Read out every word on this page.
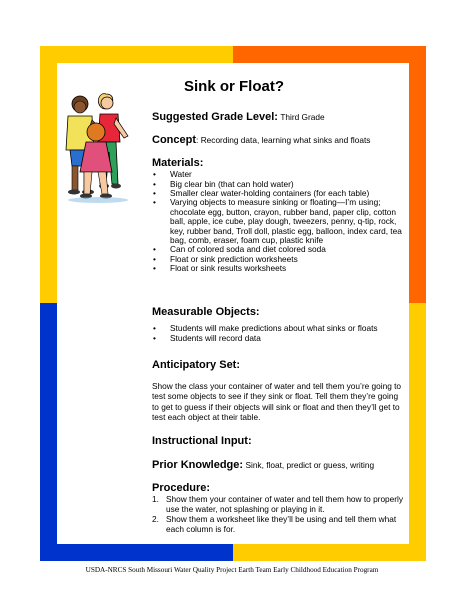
Sink or Float?
Suggested Grade Level: Third Grade
Concept: Recording data, learning what sinks and floats
Materials:
• Water
• Big clear bin (that can hold water)
• Smaller clear water-holding containers (for each table)
• Varying objects to measure sinking or floating—I’m using; chocolate egg, button, crayon, rubber band, paper clip, cotton ball, apple, ice cube, play dough, tweezers, penny, q-tip, rock, key, rubber band, Troll doll, plastic egg, balloon, index card, tea bag, comb, eraser, foam cup, plastic knife
• Can of colored soda and diet colored soda
• Float or sink prediction worksheets
• Float or sink results worksheets
Measurable Objects:
• Students will make predictions about what sinks or floats
• Students will record data
Anticipatory Set:
Show the class your container of water and tell them you’re going to test some objects to see if they sink or float. Tell them they’re going to get to guess if their objects will sink or float and then they’ll get to test each object at their table.
Instructional Input:
Prior Knowledge: Sink, float, predict or guess, writing
Procedure:
1. Show them your container of water and tell them how to properly use the water, not splashing or playing in it.
2. Show them a worksheet like they’ll be using and tell them what each column is for.
USDA-NRCS South Missouri Water Quality Project Earth Team Early Childhood Education Program
